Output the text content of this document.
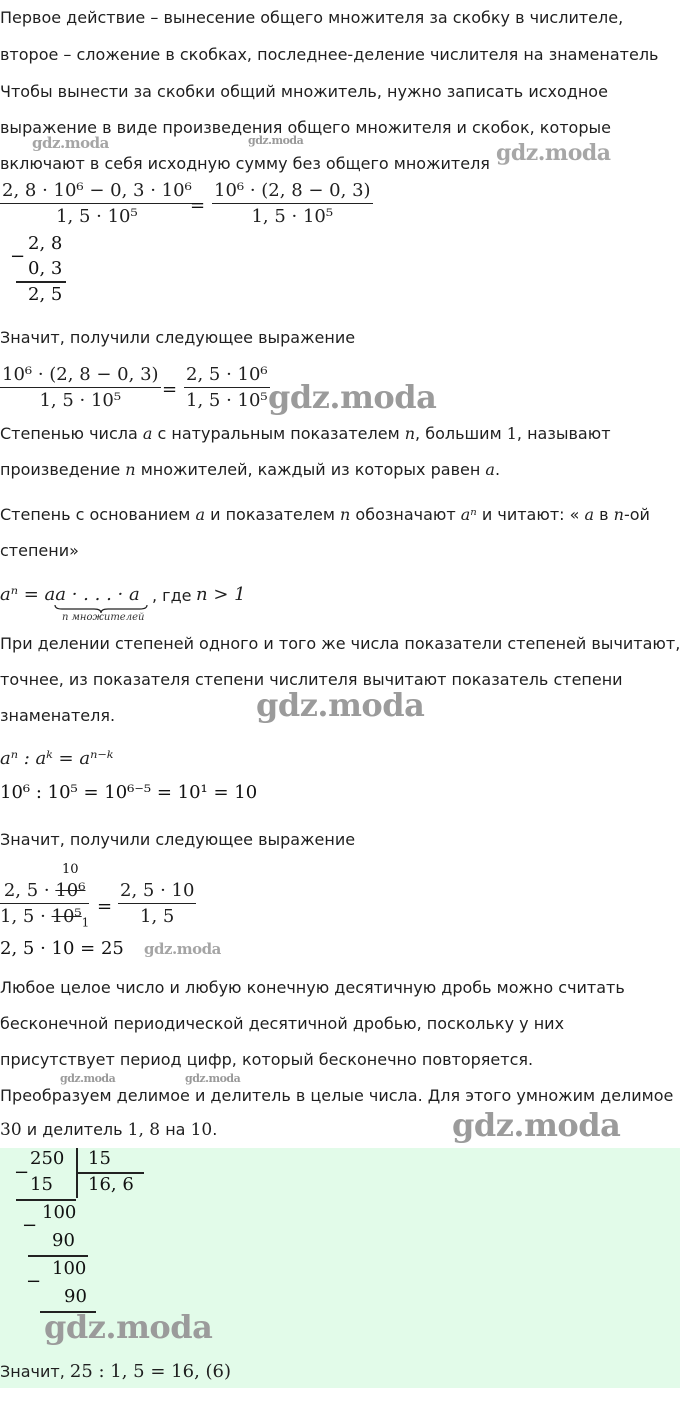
Первое действие – вынесение общего множителя за скобку в числителе,
второе – сложение в скобках, последнее-деление числителя на знаменатель
Чтобы вынести за скобки общий множитель, нужно записать исходное
выражение в виде произведения общего множителя и скобок, которые
включают в себя исходную сумму без общего множителя
gdz.moda	gdz.moda	gdz.moda
$\frac{\text{2, 8 · 10⁶ − 0, 3 · 10⁶}}{\text{1, 5 · 10⁵}}$
= $\frac{\text{10⁶ · (2, 8 − 0, 3)}}{\text{1, 5 · 10⁵}}$
−
2, 8
0, 3
2, 5
Значит, получили следующее выражение
$\frac{\text{10⁶ · (2, 8 − 0, 3)}}{\text{1, 5 · 10⁵}} = \frac{\text{2, 5 · 10⁶}}{\text{1, 5 · 10⁵}}$
gdz.moda
Степенью числа a с натуральным показателем n, большим 1, называют
произведение n множителей, каждый из которых равен a.
Степень с основанием a и показателем n обозначают aⁿ и читают: « a в n-ой
степени»
aⁿ = aa · . . . · a
n множителей
, где n > 1
При делении степеней одного и того же числа показатели степеней вычитают,
точнее, из показателя степени числителя вычитают показатель степени
знаменателя.	gdz.moda
aⁿ : aᵏ = aⁿ⁻ᵏ
10⁶ : 10⁵ = 10⁶⁻⁵ = 10¹ = 10
Значит, получили следующее выражение
10
$\frac{\text{2, 5 · 10⁶}}{1, 5 \cdot 10^5_1} = \frac{2, 5 \cdot 10}{1, 5}$
2, 5 · 10 = 25 gdz.moda
Любое целое число и любую конечную десятичную дробь можно считать
бесконечной периодической десятичной дробью, поскольку у них
присутствует период цифр, который бесконечно повторяется.
gdz.moda	gdz.moda
Преобразуем делимое и делитель в целые числа. Для этого умножим делимое
30 и делитель 1, 8 на 10.	gdz.moda
−
250 15
15 16, 6
−
100
90
−
100
90
gdz.moda
Значит, 25 : 1, 5 = 16, (6)
